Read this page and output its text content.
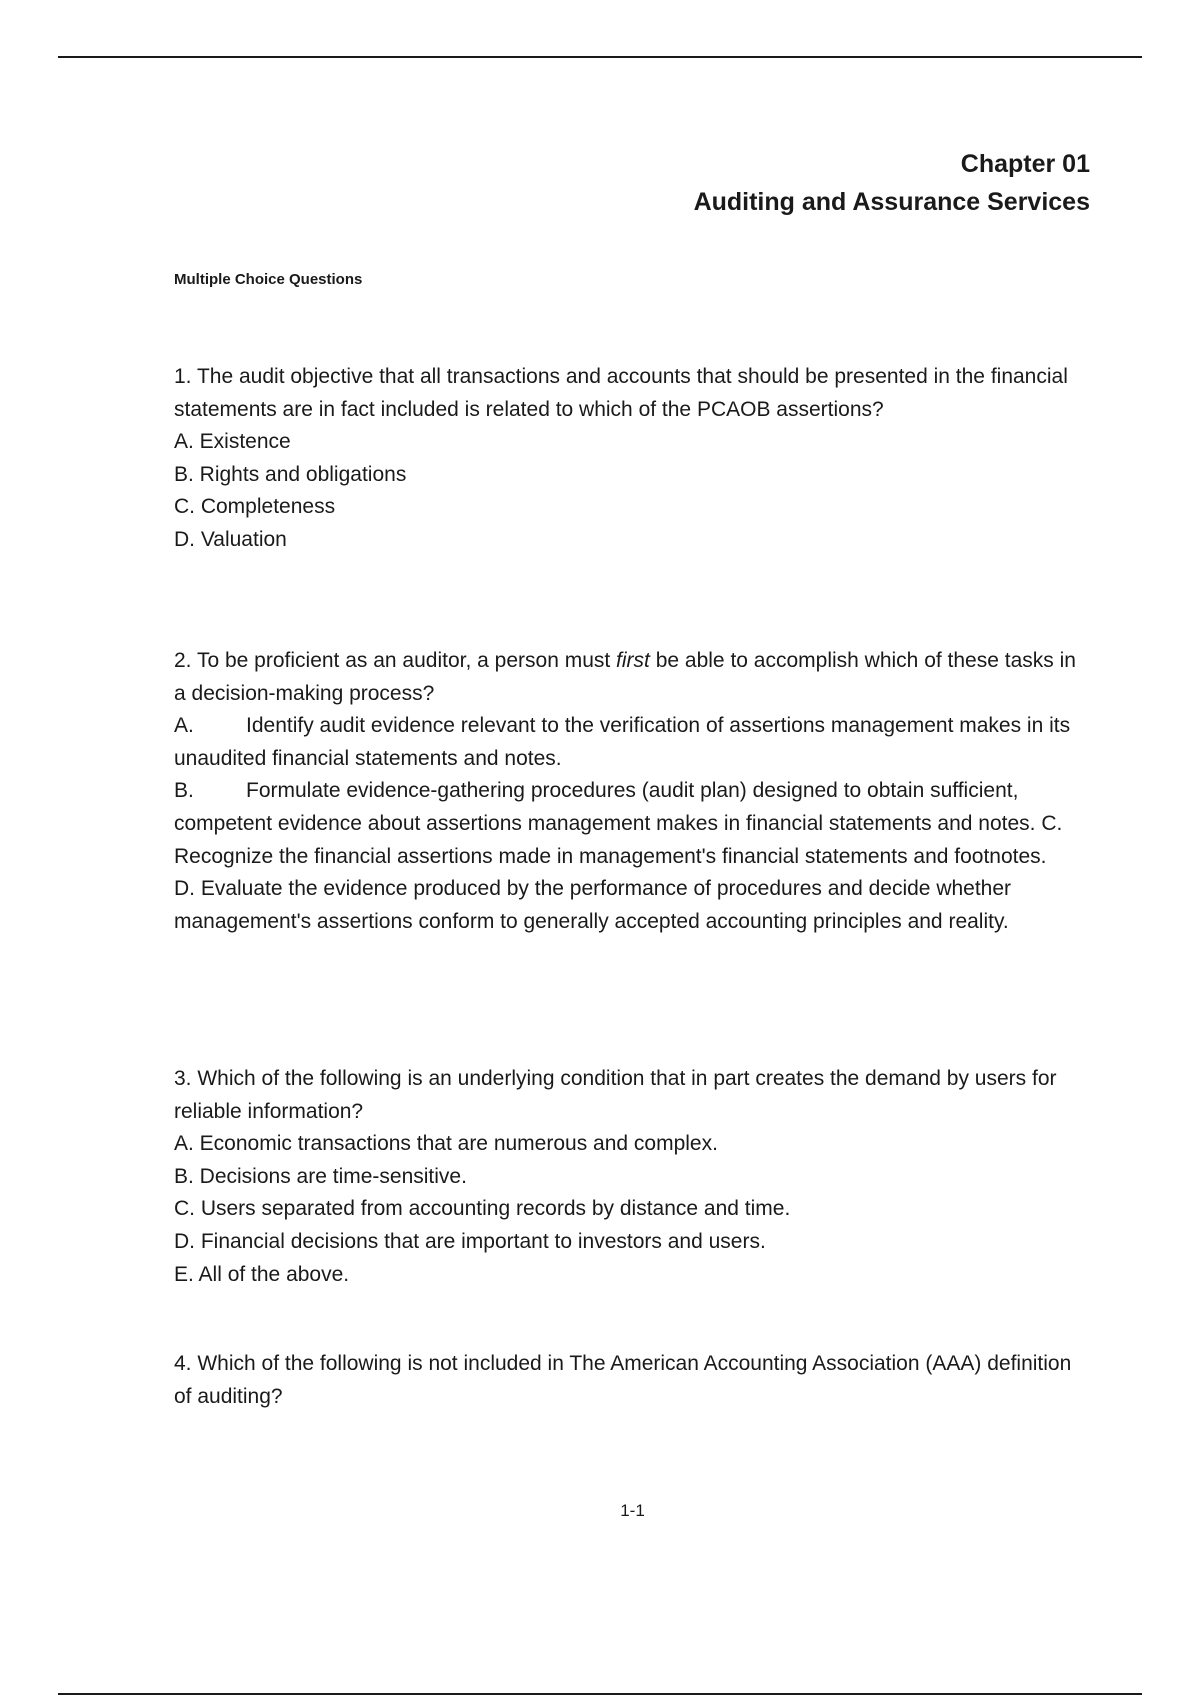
Chapter 01
Auditing and Assurance Services
Multiple Choice Questions
1. The audit objective that all transactions and accounts that should be presented in the financial statements are in fact included is related to which of the PCAOB assertions?
A. Existence
B. Rights and obligations
C. Completeness
D. Valuation
2. To be proficient as an auditor, a person must first be able to accomplish which of these tasks in a decision-making process?
A. Identify audit evidence relevant to the verification of assertions management makes in its unaudited financial statements and notes.
B. Formulate evidence-gathering procedures (audit plan) designed to obtain sufficient, competent evidence about assertions management makes in financial statements and notes. C. Recognize the financial assertions made in management's financial statements and footnotes.
D. Evaluate the evidence produced by the performance of procedures and decide whether management's assertions conform to generally accepted accounting principles and reality.
3. Which of the following is an underlying condition that in part creates the demand by users for reliable information?
A. Economic transactions that are numerous and complex.
B. Decisions are time-sensitive.
C. Users separated from accounting records by distance and time.
D. Financial decisions that are important to investors and users.
E. All of the above.
4. Which of the following is not included in The American Accounting Association (AAA) definition of auditing?
1-1
